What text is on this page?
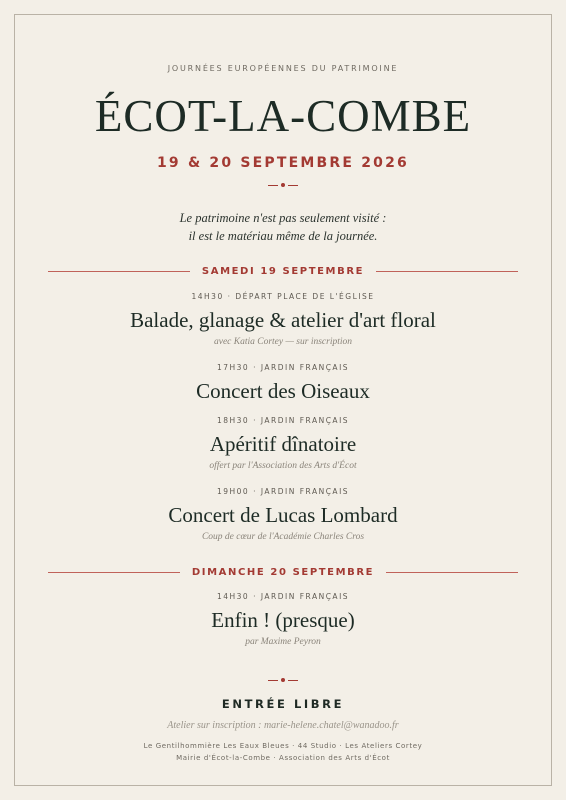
JOURNÉES EUROPÉENNES DU PATRIMOINE
ÉCOT-LA-COMBE
19 & 20 SEPTEMBRE 2026
Le patrimoine n'est pas seulement visité :
il est le matériau même de la journée.
SAMEDI 19 SEPTEMBRE
14H30 · DÉPART PLACE DE L'ÉGLISE
Balade, glanage & atelier d'art floral
avec Katia Cortey — sur inscription
17H30 · JARDIN FRANÇAIS
Concert des Oiseaux
18H30 · JARDIN FRANÇAIS
Apéritif dînatoire
offert par l'Association des Arts d'Écot
19H00 · JARDIN FRANÇAIS
Concert de Lucas Lombard
Coup de cœur de l'Académie Charles Cros
DIMANCHE 20 SEPTEMBRE
14H30 · JARDIN FRANÇAIS
Enfin ! (presque)
par Maxime Peyron
ENTRÉE LIBRE
Atelier sur inscription : marie-helene.chatel@wanadoo.fr
Le Gentilhommière Les Eaux Bleues · 44 Studio · Les Ateliers Cortey
Mairie d'Écot-la-Combe · Association des Arts d'Écot
